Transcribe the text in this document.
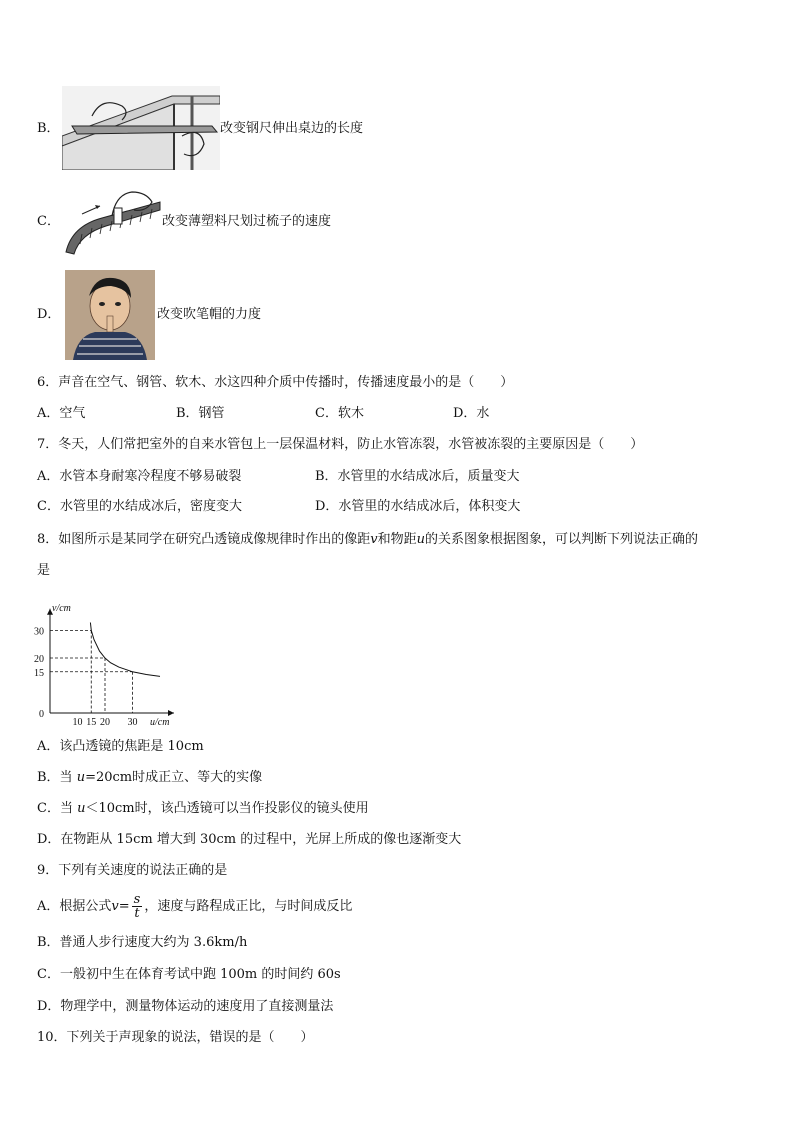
B．	改变钢尺伸出桌边的长度
C．	改变薄塑料尺划过梳子的速度
D．	改变吹笔帽的力度
6．声音在空气、钢管、软木、水这四种介质中传播时，传播速度最小的是（　　）
A．空气	B．钢管	C．软木	D．水
7．冬天，人们常把室外的自来水管包上一层保温材料，防止水管冻裂，水管被冻裂的主要原因是（　　）
A．水管本身耐寒冷程度不够易破裂	B．水管里的水结成冰后，质量变大
C．水管里的水结成冰后，密度变大	D．水管里的水结成冰后，体积变大
8．如图所示是某同学在研究凸透镜成像规律时作出的像距v和物距u的关系图象根据图象，可以判断下列说法正确的
是
v/cm
u/cm
0
10 15 20 30
30
20
15
A．该凸透镜的焦距是 10cm
B．当 u=20cm时成正立、等大的实像
C．当 u＜10cm时，该凸透镜可以当作投影仪的镜头使用
D．在物距从 15cm 增大到 30cm 的过程中，光屏上所成的像也逐渐变大
9．下列有关速度的说法正确的是
A．根据公式$v= \frac{s}{t}$ ，速度与路程成正比，与时间成反比
B．普通人步行速度大约为 3.6km/h
C．一般初中生在体育考试中跑 100m 的时间约 60s
D．物理学中，测量物体运动的速度用了直接测量法
10．下列关于声现象的说法，错误的是（　　）
